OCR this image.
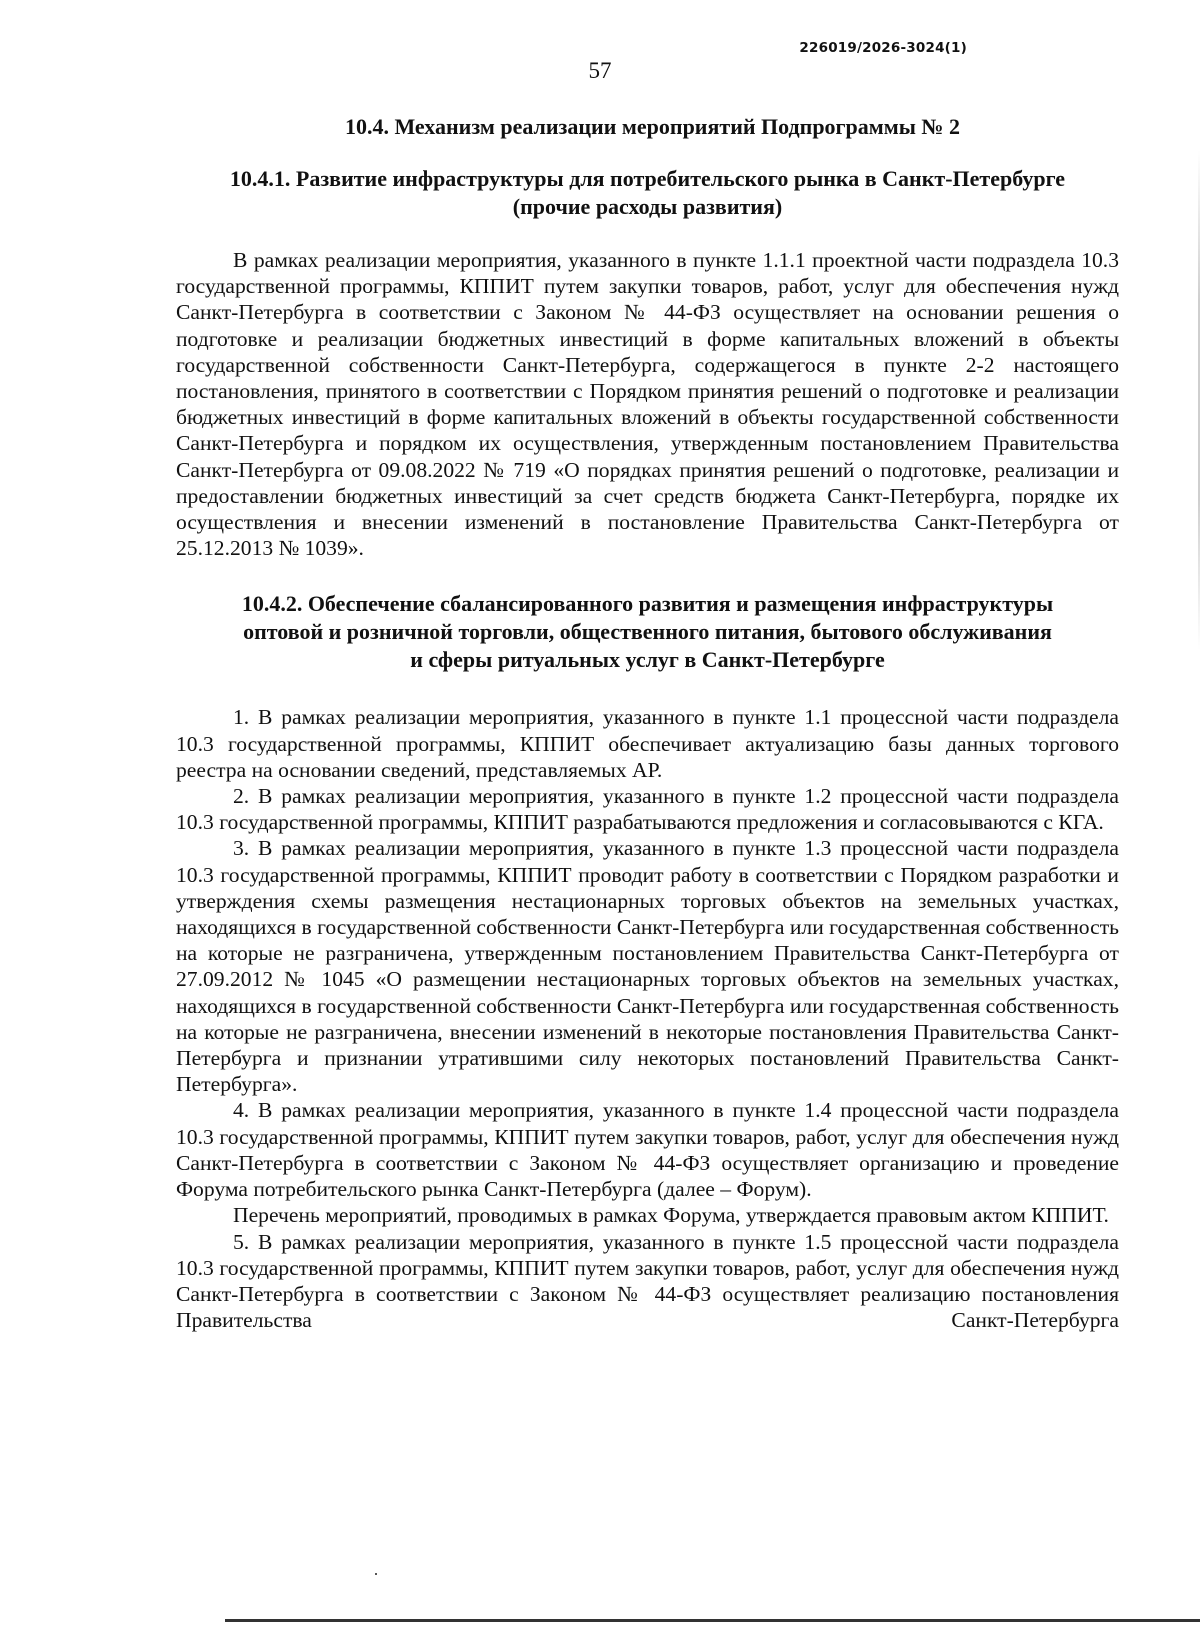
226019/2026-3024(1)
57
10.4. Механизм реализации мероприятий Подпрограммы № 2
10.4.1. Развитие инфраструктуры для потребительского рынка в Санкт-Петербурге
(прочие расходы развития)

В рамках реализации мероприятия, указанного в пункте 1.1.1 проектной части подраздела 10.3 государственной программы, КППИТ путем закупки товаров, работ, услуг для обеспечения нужд Санкт-Петербурга в соответствии с Законом № 44-ФЗ осуществляет на основании решения о подготовке и реализации бюджетных инвестиций в форме капитальных вложений в объекты государственной собственности Санкт-Петербурга, содержащегося в пункте 2-2 настоящего постановления, принятого в соответствии с Порядком принятия решений о подготовке и реализации бюджетных инвестиций в форме капитальных вложений в объекты государственной собственности Санкт-Петербурга и порядком их осуществления, утвержденным постановлением Правительства Санкт-Петербурга от 09.08.2022 № 719 «О порядках принятия решений о подготовке, реализации и предоставлении бюджетных инвестиций за счет средств бюджета Санкт-Петербурга, порядке их осуществления и внесении изменений в постановление Правительства Санкт-Петербурга от 25.12.2013 № 1039».

10.4.2. Обеспечение сбалансированного развития и размещения инфраструктуры
оптовой и розничной торговли, общественного питания, бытового обслуживания
и сферы ритуальных услуг в Санкт-Петербурге

1. В рамках реализации мероприятия, указанного в пункте 1.1 процессной части подраздела 10.3 государственной программы, КППИТ обеспечивает актуализацию базы данных торгового реестра на основании сведений, представляемых АР.

2. В рамках реализации мероприятия, указанного в пункте 1.2 процессной части подраздела 10.3 государственной программы, КППИТ разрабатываются предложения и согласовываются с КГА.

3. В рамках реализации мероприятия, указанного в пункте 1.3 процессной части подраздела 10.3 государственной программы, КППИТ проводит работу в соответствии с Порядком разработки и утверждения схемы размещения нестационарных торговых объектов на земельных участках, находящихся в государственной собственности Санкт-Петербурга или государственная собственность на которые не разграничена, утвержденным постановлением Правительства Санкт-Петербурга от 27.09.2012 № 1045 «О размещении нестационарных торговых объектов на земельных участках, находящихся в государственной собственности Санкт-Петербурга или государственная собственность на которые не разграничена, внесении изменений в некоторые постановления Правительства Санкт-Петербурга и признании утратившими силу некоторых постановлений Правительства Санкт-Петербурга».

4. В рамках реализации мероприятия, указанного в пункте 1.4 процессной части подраздела 10.3 государственной программы, КППИТ путем закупки товаров, работ, услуг для обеспечения нужд Санкт-Петербурга в соответствии с Законом № 44-ФЗ осуществляет организацию и проведение Форума потребительского рынка Санкт-Петербурга (далее – Форум).

Перечень мероприятий, проводимых в рамках Форума, утверждается правовым актом КППИТ.

5. В рамках реализации мероприятия, указанного в пункте 1.5 процессной части подраздела 10.3 государственной программы, КППИТ путем закупки товаров, работ, услуг для обеспечения нужд Санкт-Петербурга в соответствии с Законом № 44-ФЗ осуществляет реализацию постановления Правительства Санкт-Петербурга
